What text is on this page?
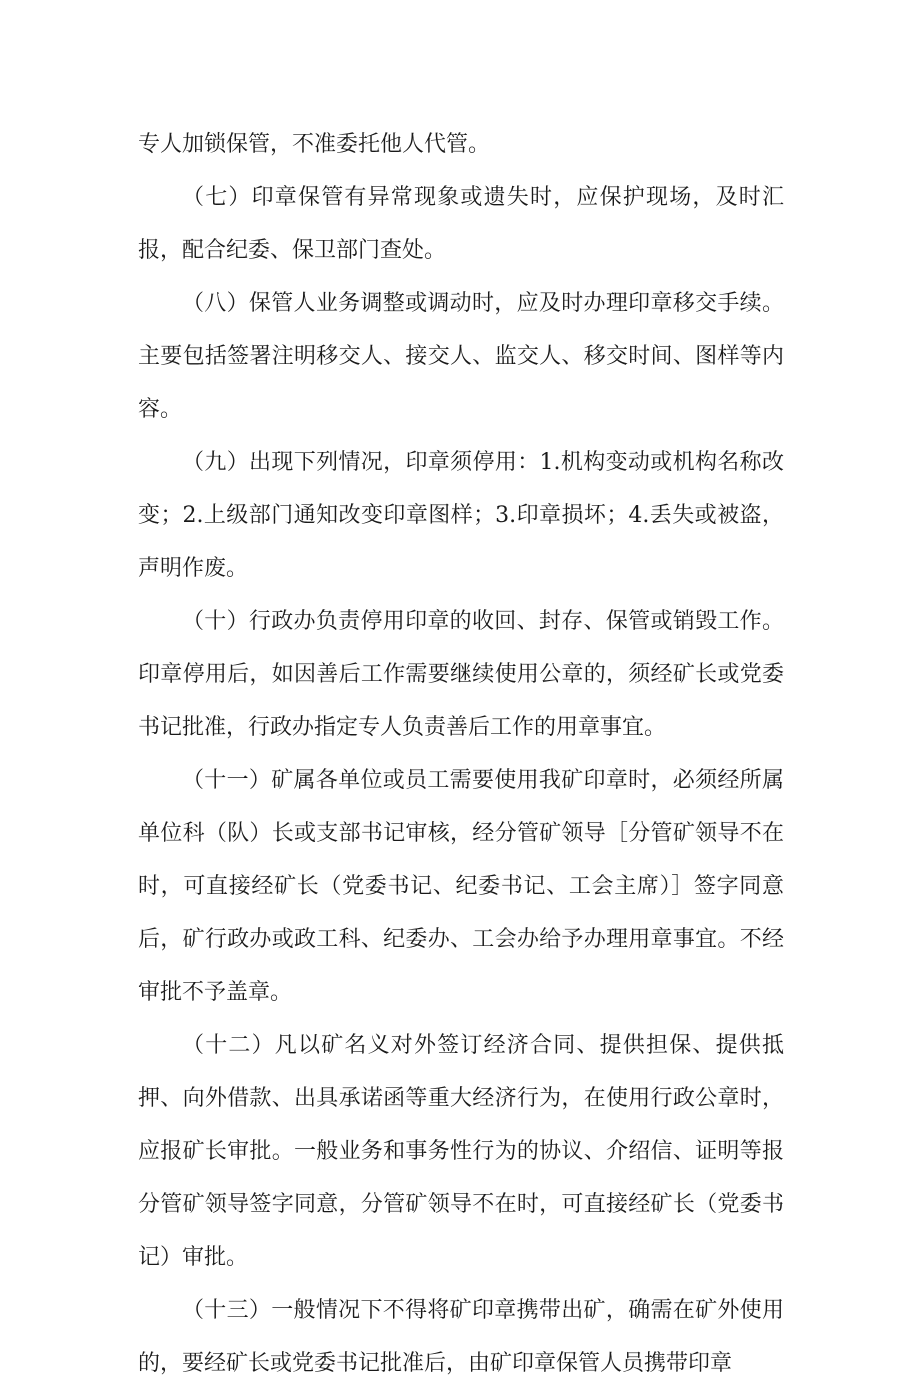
专人加锁保管，不准委托他人代管。

（七）印章保管有异常现象或遗失时，应保护现场，及时汇报，配合纪委、保卫部门查处。

（八）保管人业务调整或调动时，应及时办理印章移交手续。主要包括签署注明移交人、接交人、监交人、移交时间、图样等内容。

（九）出现下列情况，印章须停用：1.机构变动或机构名称改变；2.上级部门通知改变印章图样；3.印章损坏；4.丢失或被盗，声明作废。

（十）行政办负责停用印章的收回、封存、保管或销毁工作。印章停用后，如因善后工作需要继续使用公章的，须经矿长或党委书记批准，行政办指定专人负责善后工作的用章事宜。

（十一）矿属各单位或员工需要使用我矿印章时，必须经所属单位科（队）长或支部书记审核，经分管矿领导［分管矿领导不在时，可直接经矿长（党委书记、纪委书记、工会主席）］签字同意后，矿行政办或政工科、纪委办、工会办给予办理用章事宜。不经审批不予盖章。

（十二）凡以矿名义对外签订经济合同、提供担保、提供抵押、向外借款、出具承诺函等重大经济行为，在使用行政公章时，应报矿长审批。一般业务和事务性行为的协议、介绍信、证明等报分管矿领导签字同意，分管矿领导不在时，可直接经矿长（党委书记）审批。

（十三）一般情况下不得将矿印章携带出矿，确需在矿外使用的，要经矿长或党委书记批准后，由矿印章保管人员携带印章
